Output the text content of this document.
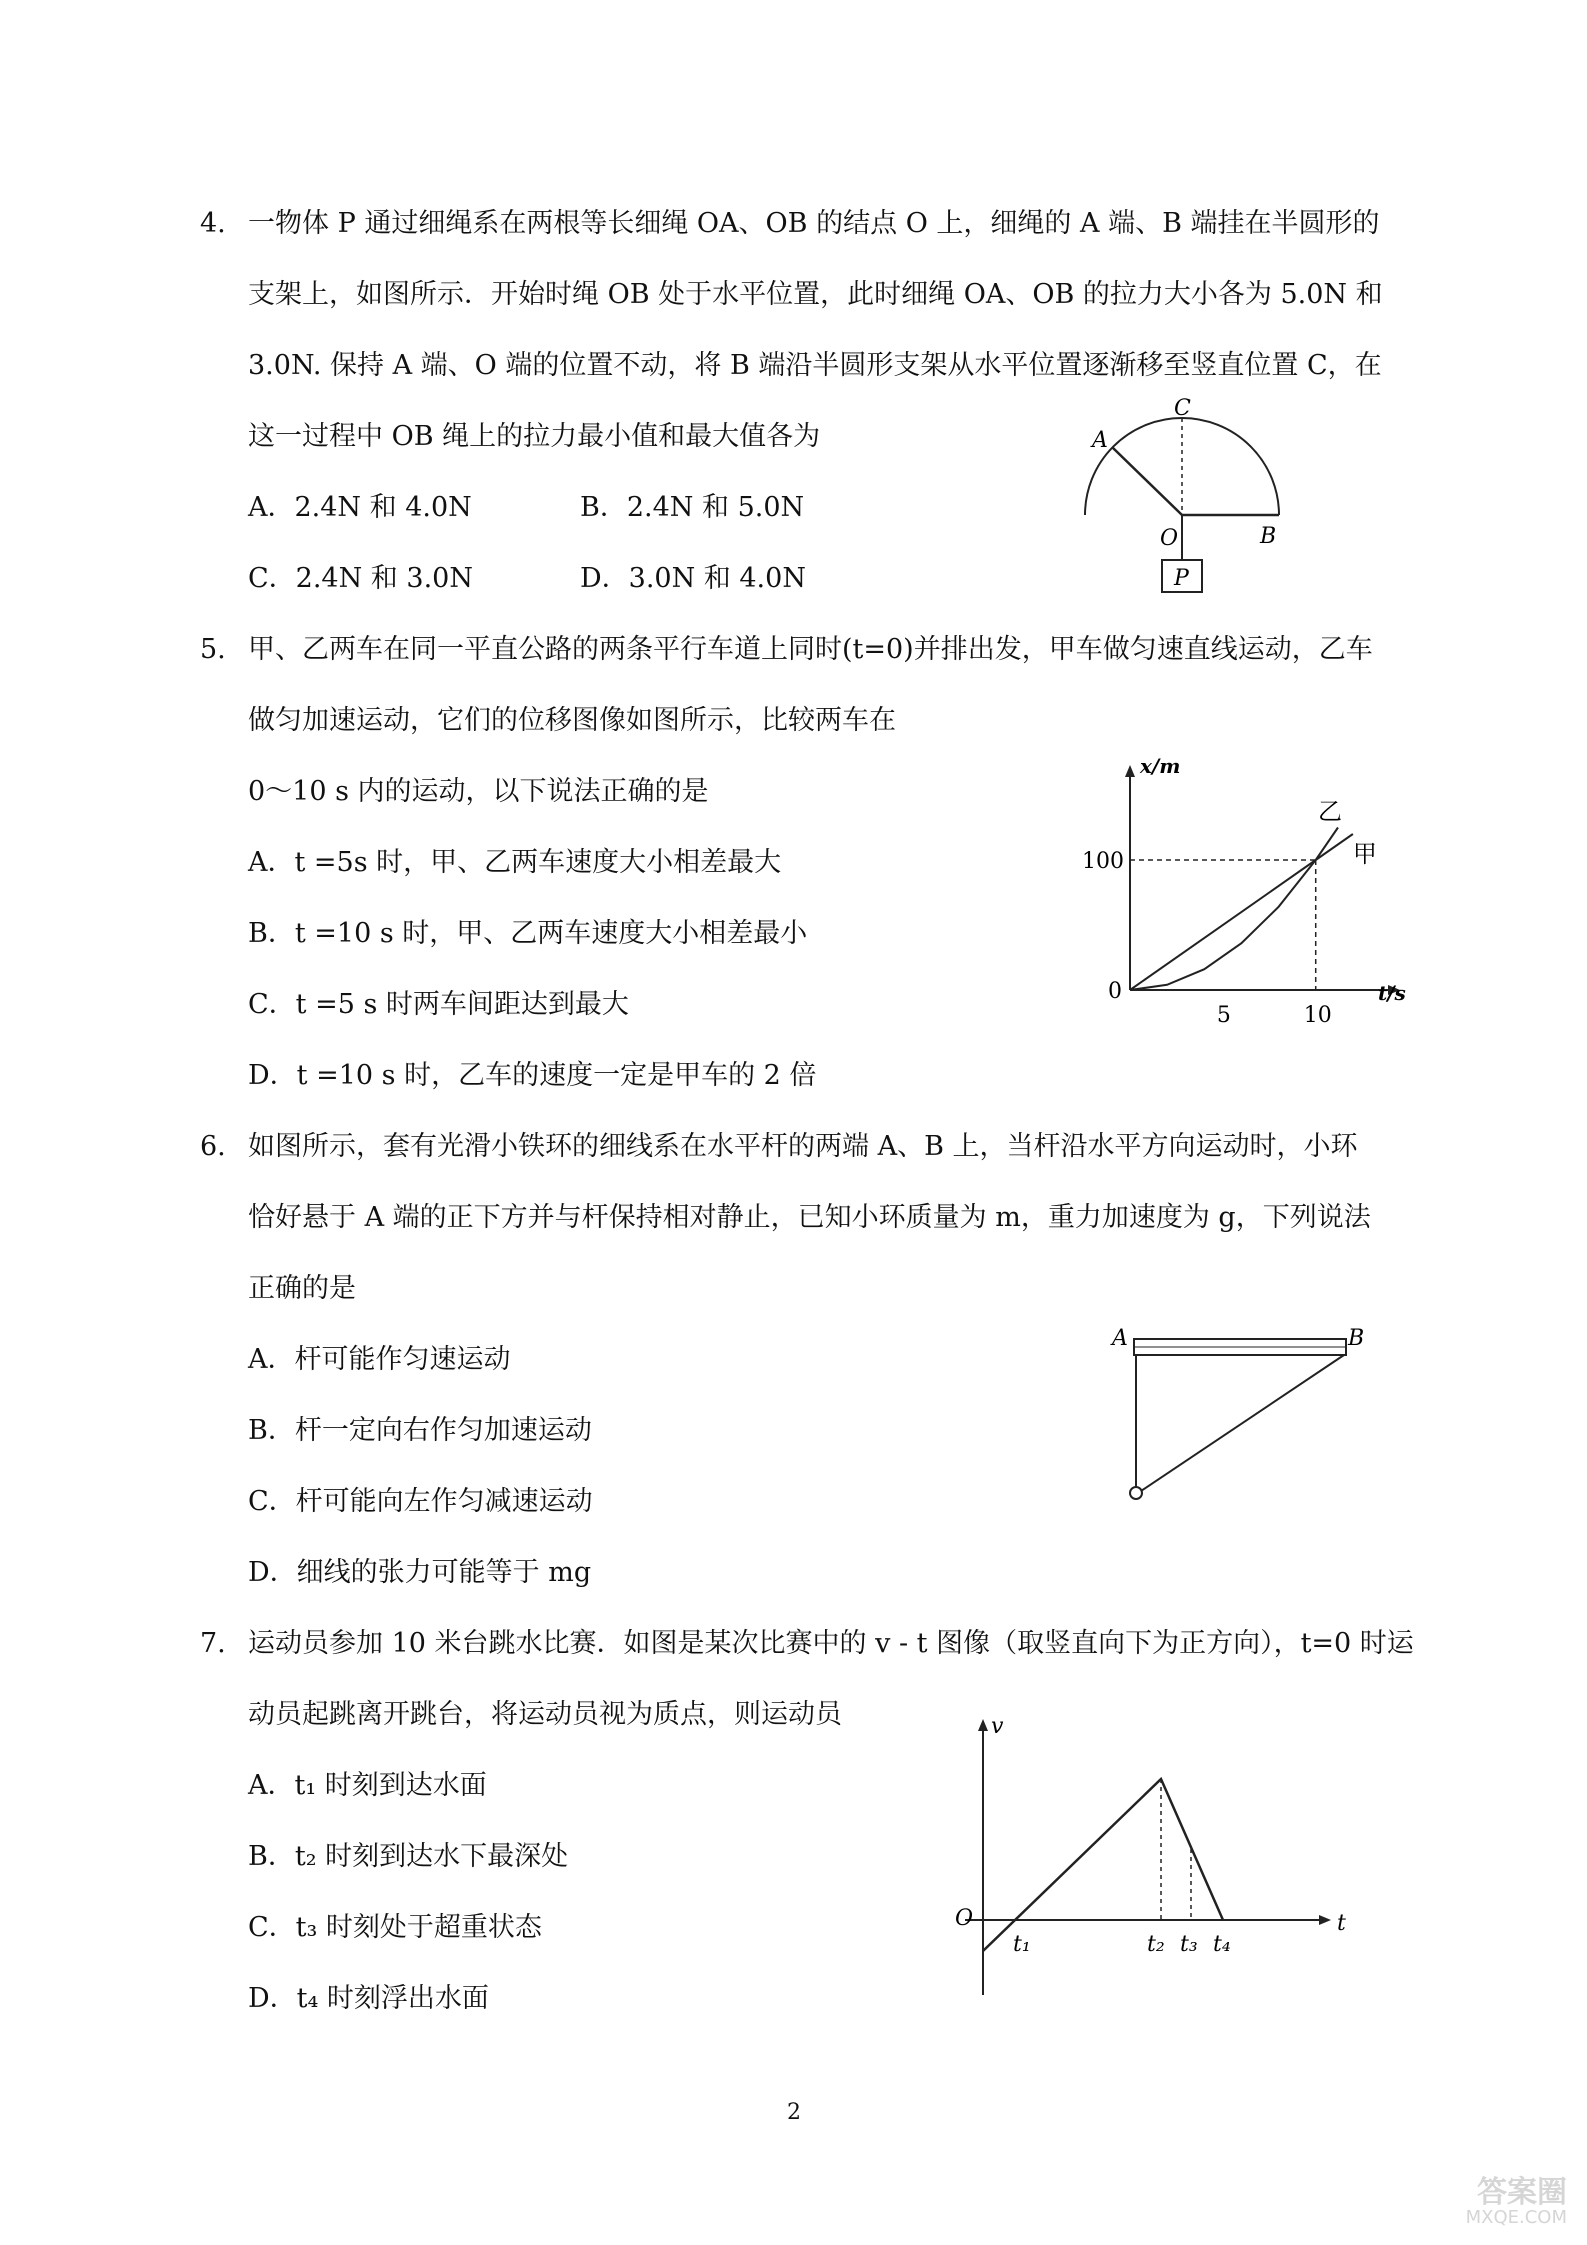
4. 一物体 P 通过细绳系在两根等长细绳 OA、OB 的结点 O 上，细绳的 A 端、B 端挂在半圆形的
支架上，如图所示．开始时绳 OB 处于水平位置，此时细绳 OA、OB 的拉力大小各为 5.0N 和
3.0N. 保持 A 端、O 端的位置不动，将 B 端沿半圆形支架从水平位置逐渐移至竖直位置 C，在
这一过程中 OB 绳上的拉力最小值和最大值各为
A．2.4N 和 4.0N	B．2.4N 和 5.0N
C．2.4N 和 3.0N	D．3.0N 和 4.0N
A
C
O	B
P
5. 甲、乙两车在同一平直公路的两条平行车道上同时(t=0)并排出发，甲车做匀速直线运动，乙车
做匀加速运动，它们的位移图像如图所示，比较两车在
0～10 s 内的运动，以下说法正确的是
A．t =5s 时，甲、乙两车速度大小相差最大
B．t =10 s 时，甲、乙两车速度大小相差最小
C．t =5 s 时两车间距达到最大
D．t =10 s 时，乙车的速度一定是甲车的 2 倍
甲
乙
x/m
t/s
0
100
5	10
6. 如图所示，套有光滑小铁环的细线系在水平杆的两端 A、B 上，当杆沿水平方向运动时，小环
恰好悬于 A 端的正下方并与杆保持相对静止，已知小环质量为 m，重力加速度为 g，下列说法
正确的是
A．杆可能作匀速运动
B．杆一定向右作匀加速运动
C．杆可能向左作匀减速运动
D．细线的张力可能等于 mg
A	B
7. 运动员参加 10 米台跳水比赛．如图是某次比赛中的 v - t 图像（取竖直向下为正方向），t=0 时运
动员起跳离开跳台，将运动员视为质点，则运动员
A．t₁ 时刻到达水面
B．t₂ 时刻到达水下最深处
C．t₃ 时刻处于超重状态
D．t₄ 时刻浮出水面
v
t
O
t₁	t₂ t₃ t₄
2
答案圈
MXQE.COM
